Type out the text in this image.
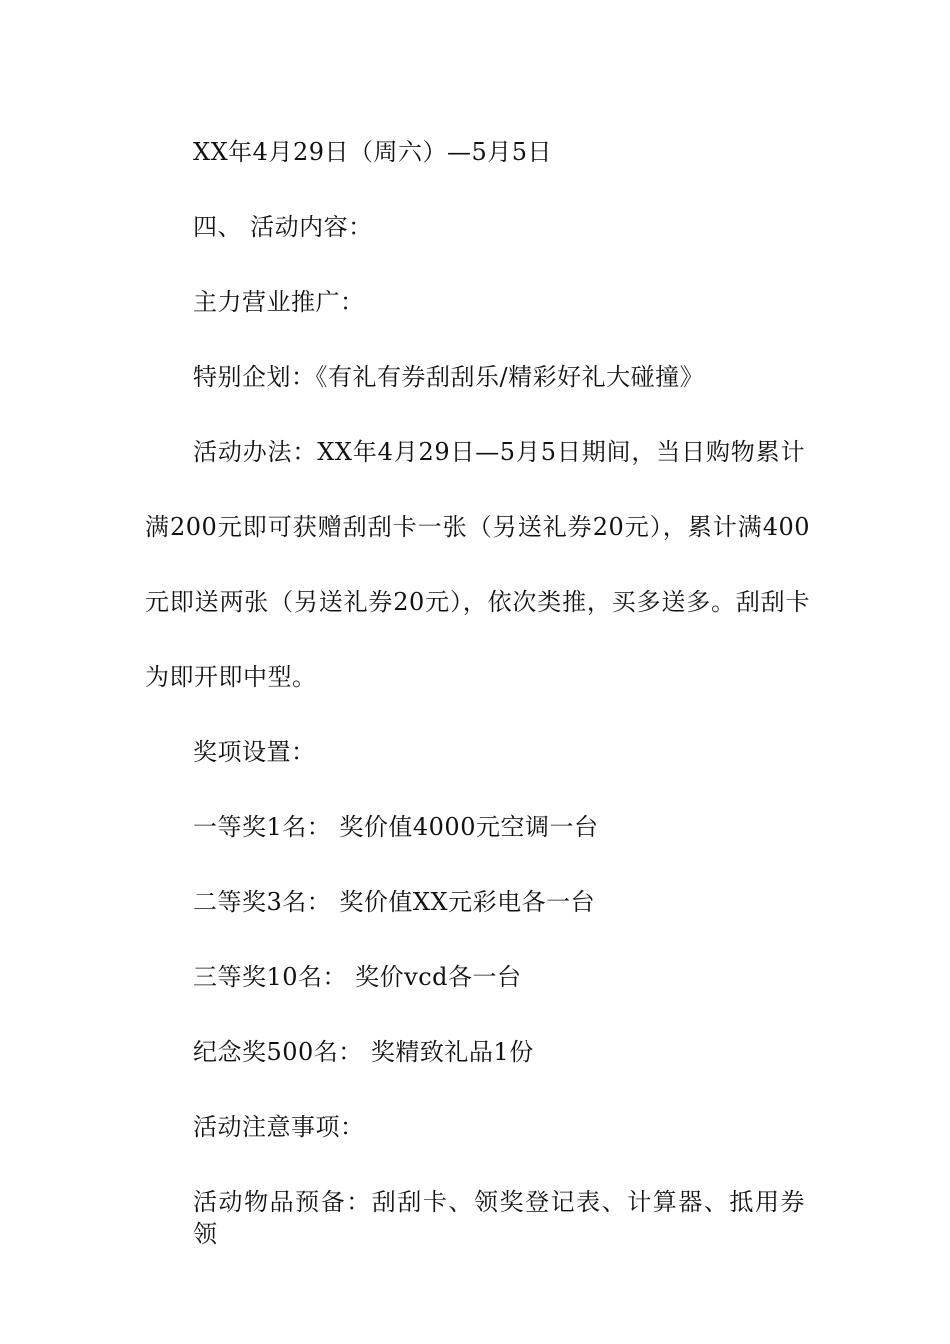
XX年4月29日（周六）—5月5日
四、 活动内容：
主力营业推广：
特别企划：《有礼有券刮刮乐/精彩好礼大碰撞》
活动办法：XX年4月29日—5月5日期间，当日购物累计
满200元即可获赠刮刮卡一张（另送礼券20元），累计满400
元即送两张（另送礼券20元），依次类推，买多送多。刮刮卡
为即开即中型。
奖项设置：
一等奖1名： 奖价值4000元空调一台
二等奖3名： 奖价值XX元彩电各一台
三等奖10名： 奖价vcd各一台
纪念奖500名： 奖精致礼品1份
活动注意事项：
活动物品预备：刮刮卡、领奖登记表、计算器、抵用券领
